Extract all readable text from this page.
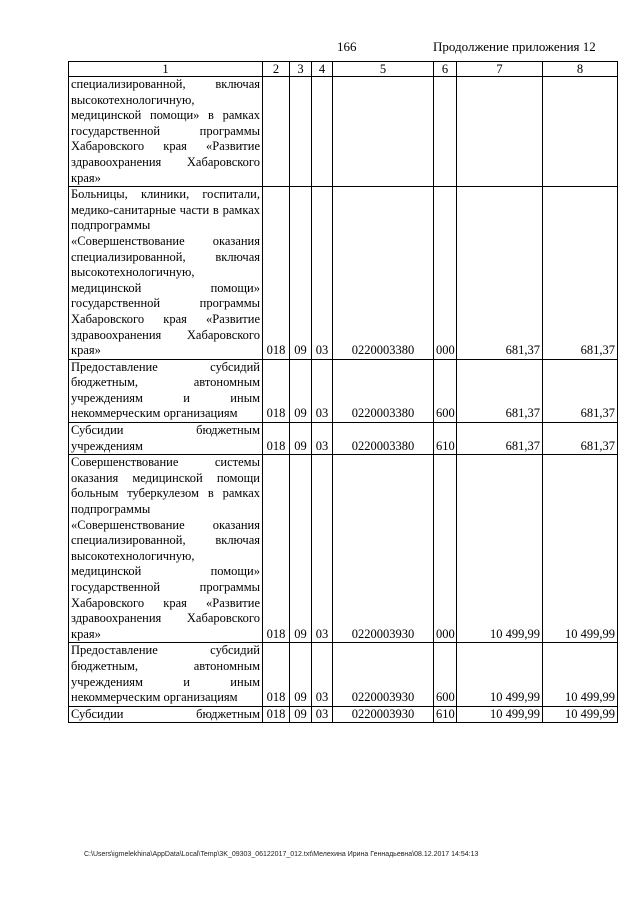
166	Продолжение приложения 12
1	2	3	4	5	6	7	8
специализированной, включая высокотехнологичную, медицинской помощи» в рамках государственной программы Хабаровского края «Развитие здравоохранения Хабаровского края»							
Больницы, клиники, госпитали, медико-санитарные части в рамках подпрограммы «Совершенствование оказания специализированной, включая высокотехнологичную, медицинской помощи» государственной программы Хабаровского края «Развитие здравоохранения Хабаровского края»	018	09	03	0220003380	000	681,37	681,37
Предоставление субсидий бюджетным, автономным учреждениям и иным некоммерческим организациям	018	09	03	0220003380	600	681,37	681,37
Субсидии бюджетным учреждениям	018	09	03	0220003380	610	681,37	681,37
Совершенствование системы оказания медицинской помощи больным туберкулезом в рамках подпрограммы «Совершенствование оказания специализированной, включая высокотехнологичную, медицинской помощи» государственной программы Хабаровского края «Развитие здравоохранения Хабаровского края»	018	09	03	0220003930	000	10 499,99	10 499,99
Предоставление субсидий бюджетным, автономным учреждениям и иным некоммерческим организациям	018	09	03	0220003930	600	10 499,99	10 499,99
Субсидии бюджетным	018	09	03	0220003930	610	10 499,99	10 499,99
C:\Users\igmelekhina\AppData\Local\Temp\3K_09303_06122017_012.txt\Мелехина Ирина Геннадьевна\08.12.2017 14:54:13
